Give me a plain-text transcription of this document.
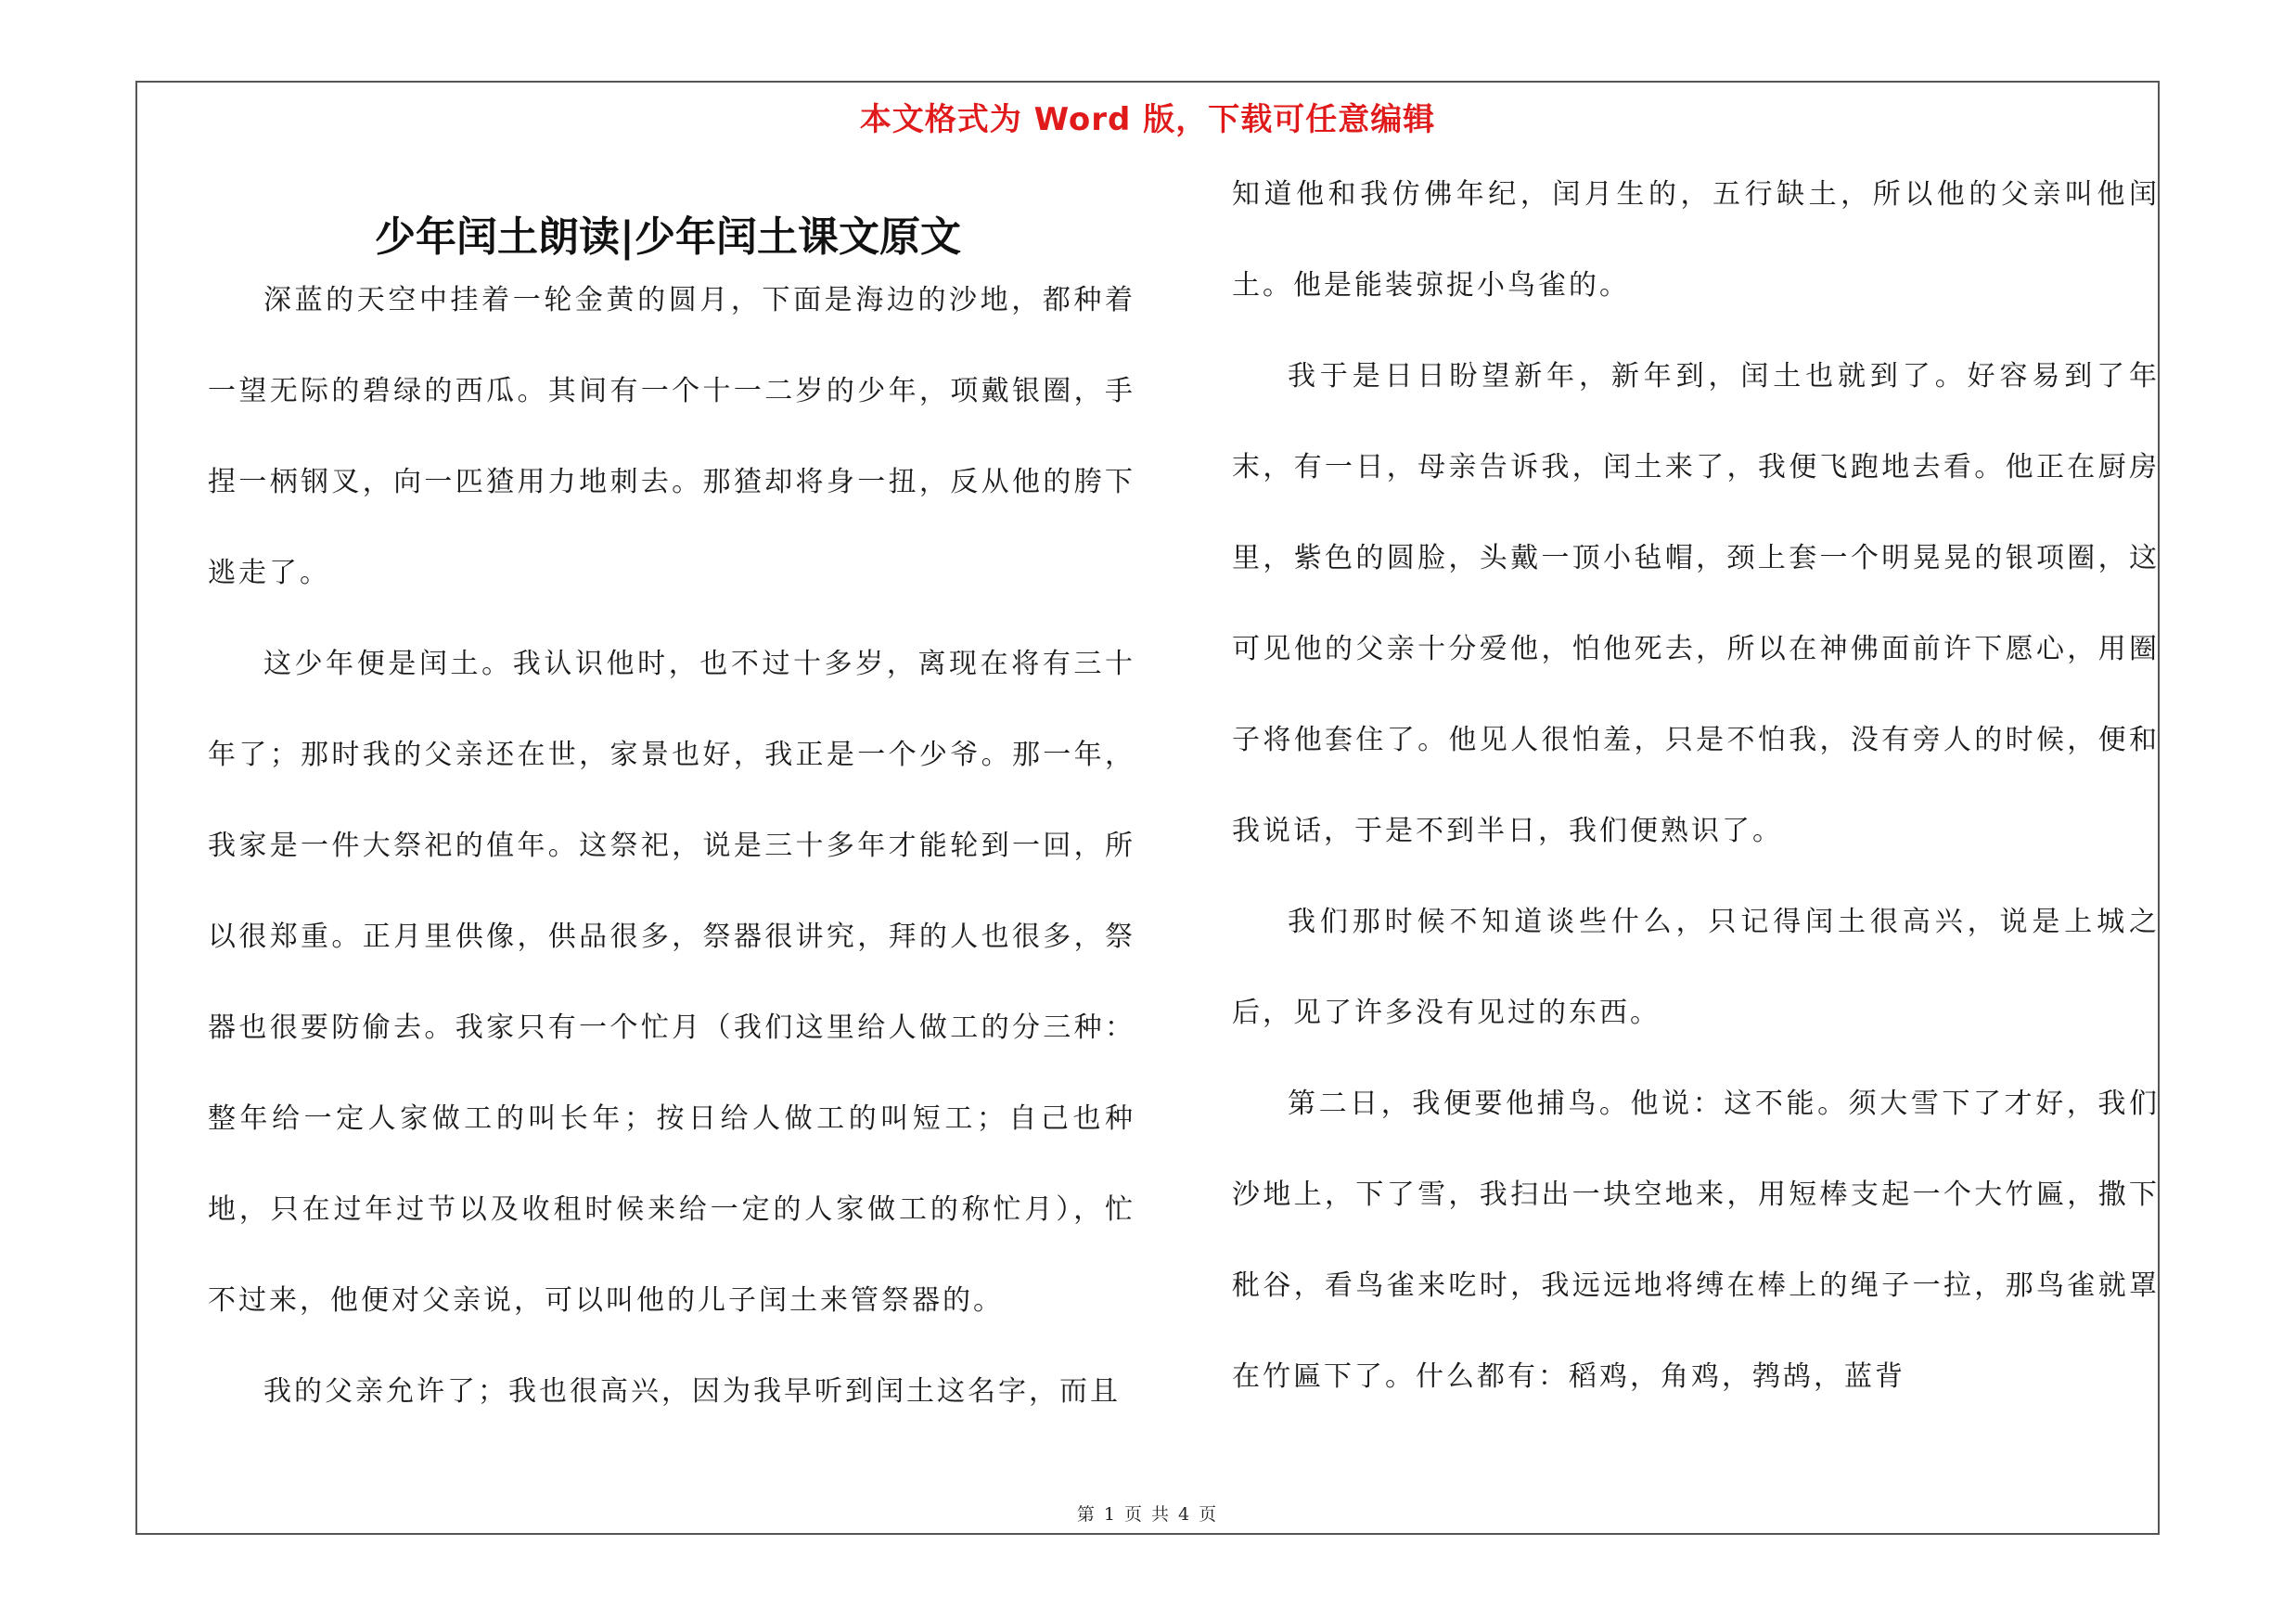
本文格式为 Word 版，下载可任意编辑
少年闰土朗读|少年闰土课文原文

深蓝的天空中挂着一轮金黄的圆月，下面是海边的沙地，都种着一望无际的碧绿的西瓜。其间有一个十一二岁的少年，项戴银圈，手捏一柄钢叉，向一匹猹用力地刺去。那猹却将身一扭，反从他的胯下逃走了。

这少年便是闰土。我认识他时，也不过十多岁，离现在将有三十年了；那时我的父亲还在世，家景也好，我正是一个少爷。那一年，我家是一件大祭祀的值年。这祭祀，说是三十多年才能轮到一回，所以很郑重。正月里供像，供品很多，祭器很讲究，拜的人也很多，祭器也很要防偷去。我家只有一个忙月（我们这里给人做工的分三种：整年给一定人家做工的叫长年；按日给人做工的叫短工；自己也种地，只在过年过节以及收租时候来给一定的人家做工的称忙月），忙不过来，他便对父亲说，可以叫他的儿子闰土来管祭器的。

我的父亲允许了；我也很高兴，因为我早听到闰土这名字，而且

知道他和我仿佛年纪，闰月生的，五行缺土，所以他的父亲叫他闰土。他是能装弶捉小鸟雀的。

我于是日日盼望新年，新年到，闰土也就到了。好容易到了年末，有一日，母亲告诉我，闰土来了，我便飞跑地去看。他正在厨房里，紫色的圆脸，头戴一顶小毡帽，颈上套一个明晃晃的银项圈，这可见他的父亲十分爱他，怕他死去，所以在神佛面前许下愿心，用圈子将他套住了。他见人很怕羞，只是不怕我，没有旁人的时候，便和我说话，于是不到半日，我们便熟识了。

我们那时候不知道谈些什么，只记得闰土很高兴，说是上城之后，见了许多没有见过的东西。

第二日，我便要他捕鸟。他说：这不能。须大雪下了才好，我们沙地上，下了雪，我扫出一块空地来，用短棒支起一个大竹匾，撒下秕谷，看鸟雀来吃时，我远远地将缚在棒上的绳子一拉，那鸟雀就罩在竹匾下了。什么都有：稻鸡，角鸡，鹁鸪，蓝背

第 1 页 共 4 页
